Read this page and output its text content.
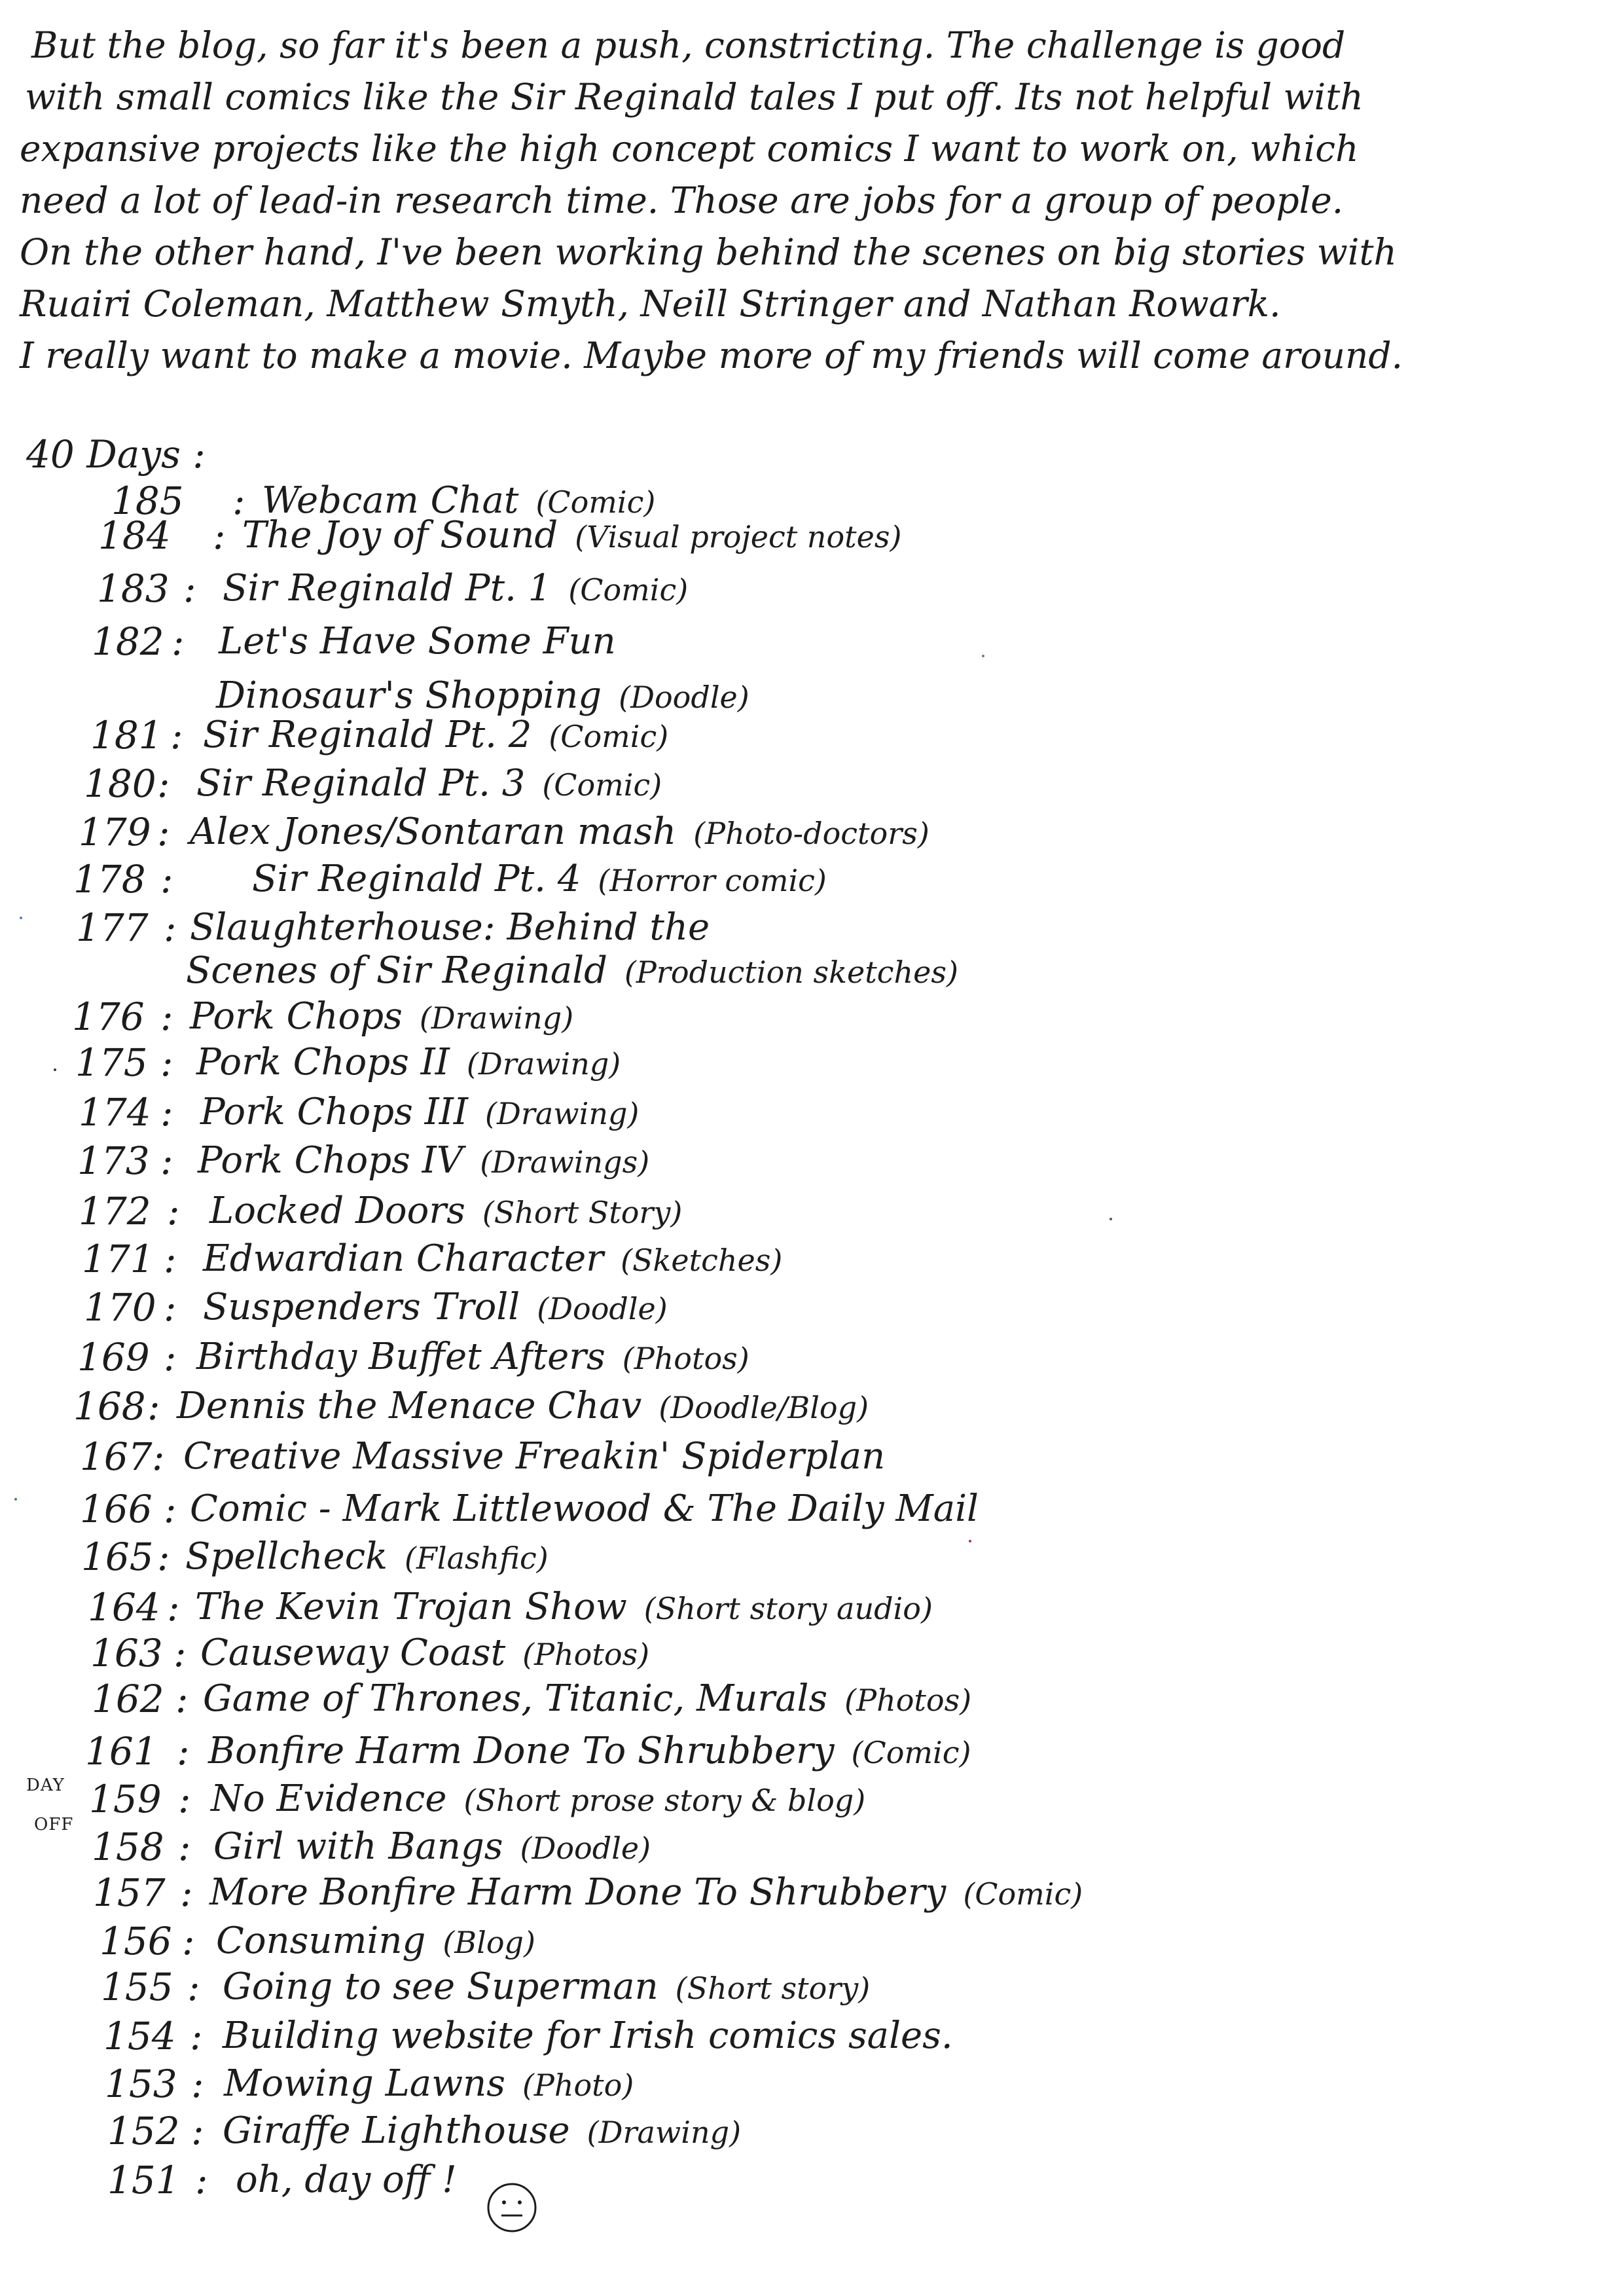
But the blog, so far it's been a push, constricting. The challenge is good
with small comics like the Sir Reginald tales I put off. Its not helpful with
expansive projects like the high concept comics I want to work on, which
need a lot of lead-in research time. Those are jobs for a group of people.
On the other hand, I've been working behind the scenes on big stories with
Ruairi Coleman, Matthew Smyth, Neill Stringer and Nathan Rowark.
I really want to make a movie. Maybe more of my friends will come around.
40 Days :
DAY
OFF
185 : Webcam Chat (Comic)
184 : The Joy of Sound (Visual project notes)
183 : Sir Reginald Pt. 1 (Comic)
182 : Let's Have Some Fun
Dinosaur's Shopping (Doodle)
181 : Sir Reginald Pt. 2 (Comic)
180 : Sir Reginald Pt. 3 (Comic)
179 : Alex Jones/Sontaran mash (Photo-doctors)
178 : Sir Reginald Pt. 4 (Horror comic)
177 : Slaughterhouse: Behind the
Scenes of Sir Reginald (Production sketches)
176 : Pork Chops (Drawing)
175 : Pork Chops II (Drawing)
174 : Pork Chops III (Drawing)
173 : Pork Chops IV (Drawings)
172 : Locked Doors (Short Story)
171 : Edwardian Character (Sketches)
170 : Suspenders Troll (Doodle)
169 : Birthday Buffet Afters (Photos)
168 : Dennis the Menace Chav (Doodle/Blog)
167 : Creative Massive Freakin' Spiderplan
166 : Comic - Mark Littlewood & The Daily Mail
165 : Spellcheck (Flashfic)
164 : The Kevin Trojan Show (Short story audio)
163 : Causeway Coast (Photos)
162 : Game of Thrones, Titanic, Murals (Photos)
161 : Bonfire Harm Done To Shrubbery (Comic)
159 : No Evidence (Short prose story & blog)
158 : Girl with Bangs (Doodle)
157 : More Bonfire Harm Done To Shrubbery (Comic)
156 : Consuming (Blog)
155 : Going to see Superman (Short story)
154 : Building website for Irish comics sales.
153 : Mowing Lawns (Photo)
152 : Giraffe Lighthouse (Drawing)
151 : oh, day off !
